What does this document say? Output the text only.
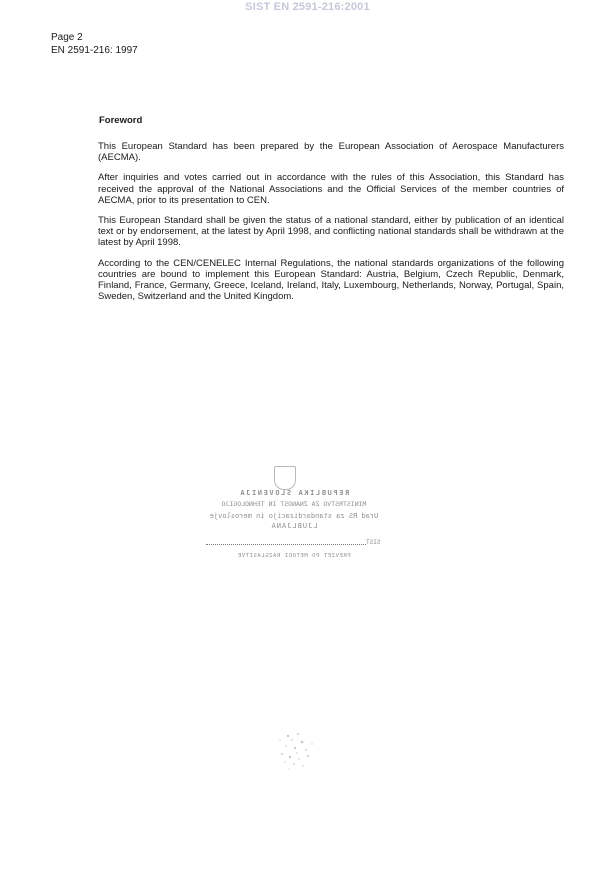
SIST EN 2591-216:2001
Page 2
EN 2591-216: 1997
Foreword

This European Standard has been prepared by the European Association of Aerospace Manufacturers (AECMA).

After inquiries and votes carried out in accordance with the rules of this Association, this Standard has received the approval of the National Associations and the Official Services of the member countries of AECMA, prior to its presentation to CEN.

This European Standard shall be given the status of a national standard, either by publication of an identical text or by endorsement, at the latest by April 1998, and conflicting national standards shall be withdrawn at the latest by April 1998.

According to the CEN/CENELEC Internal Regulations, the national standards organizations of the following countries are bound to implement this European Standard: Austria, Belgium, Czech Republic, Denmark, Finland, France, Germany, Greece, Iceland, Ireland, Italy, Luxembourg, Netherlands, Norway, Portugal, Spain, Sweden, Switzerland and the United Kingdom.

REPUBLIKA SLOVENIJA
MINISTRSTVO ZA ZNANOST IN TEHNOLOGIJO
Urad RS za standardizacijo in meroslovje
LJUBLJANA
SIST
PREVZET PO METODI RAZGLASITVE
